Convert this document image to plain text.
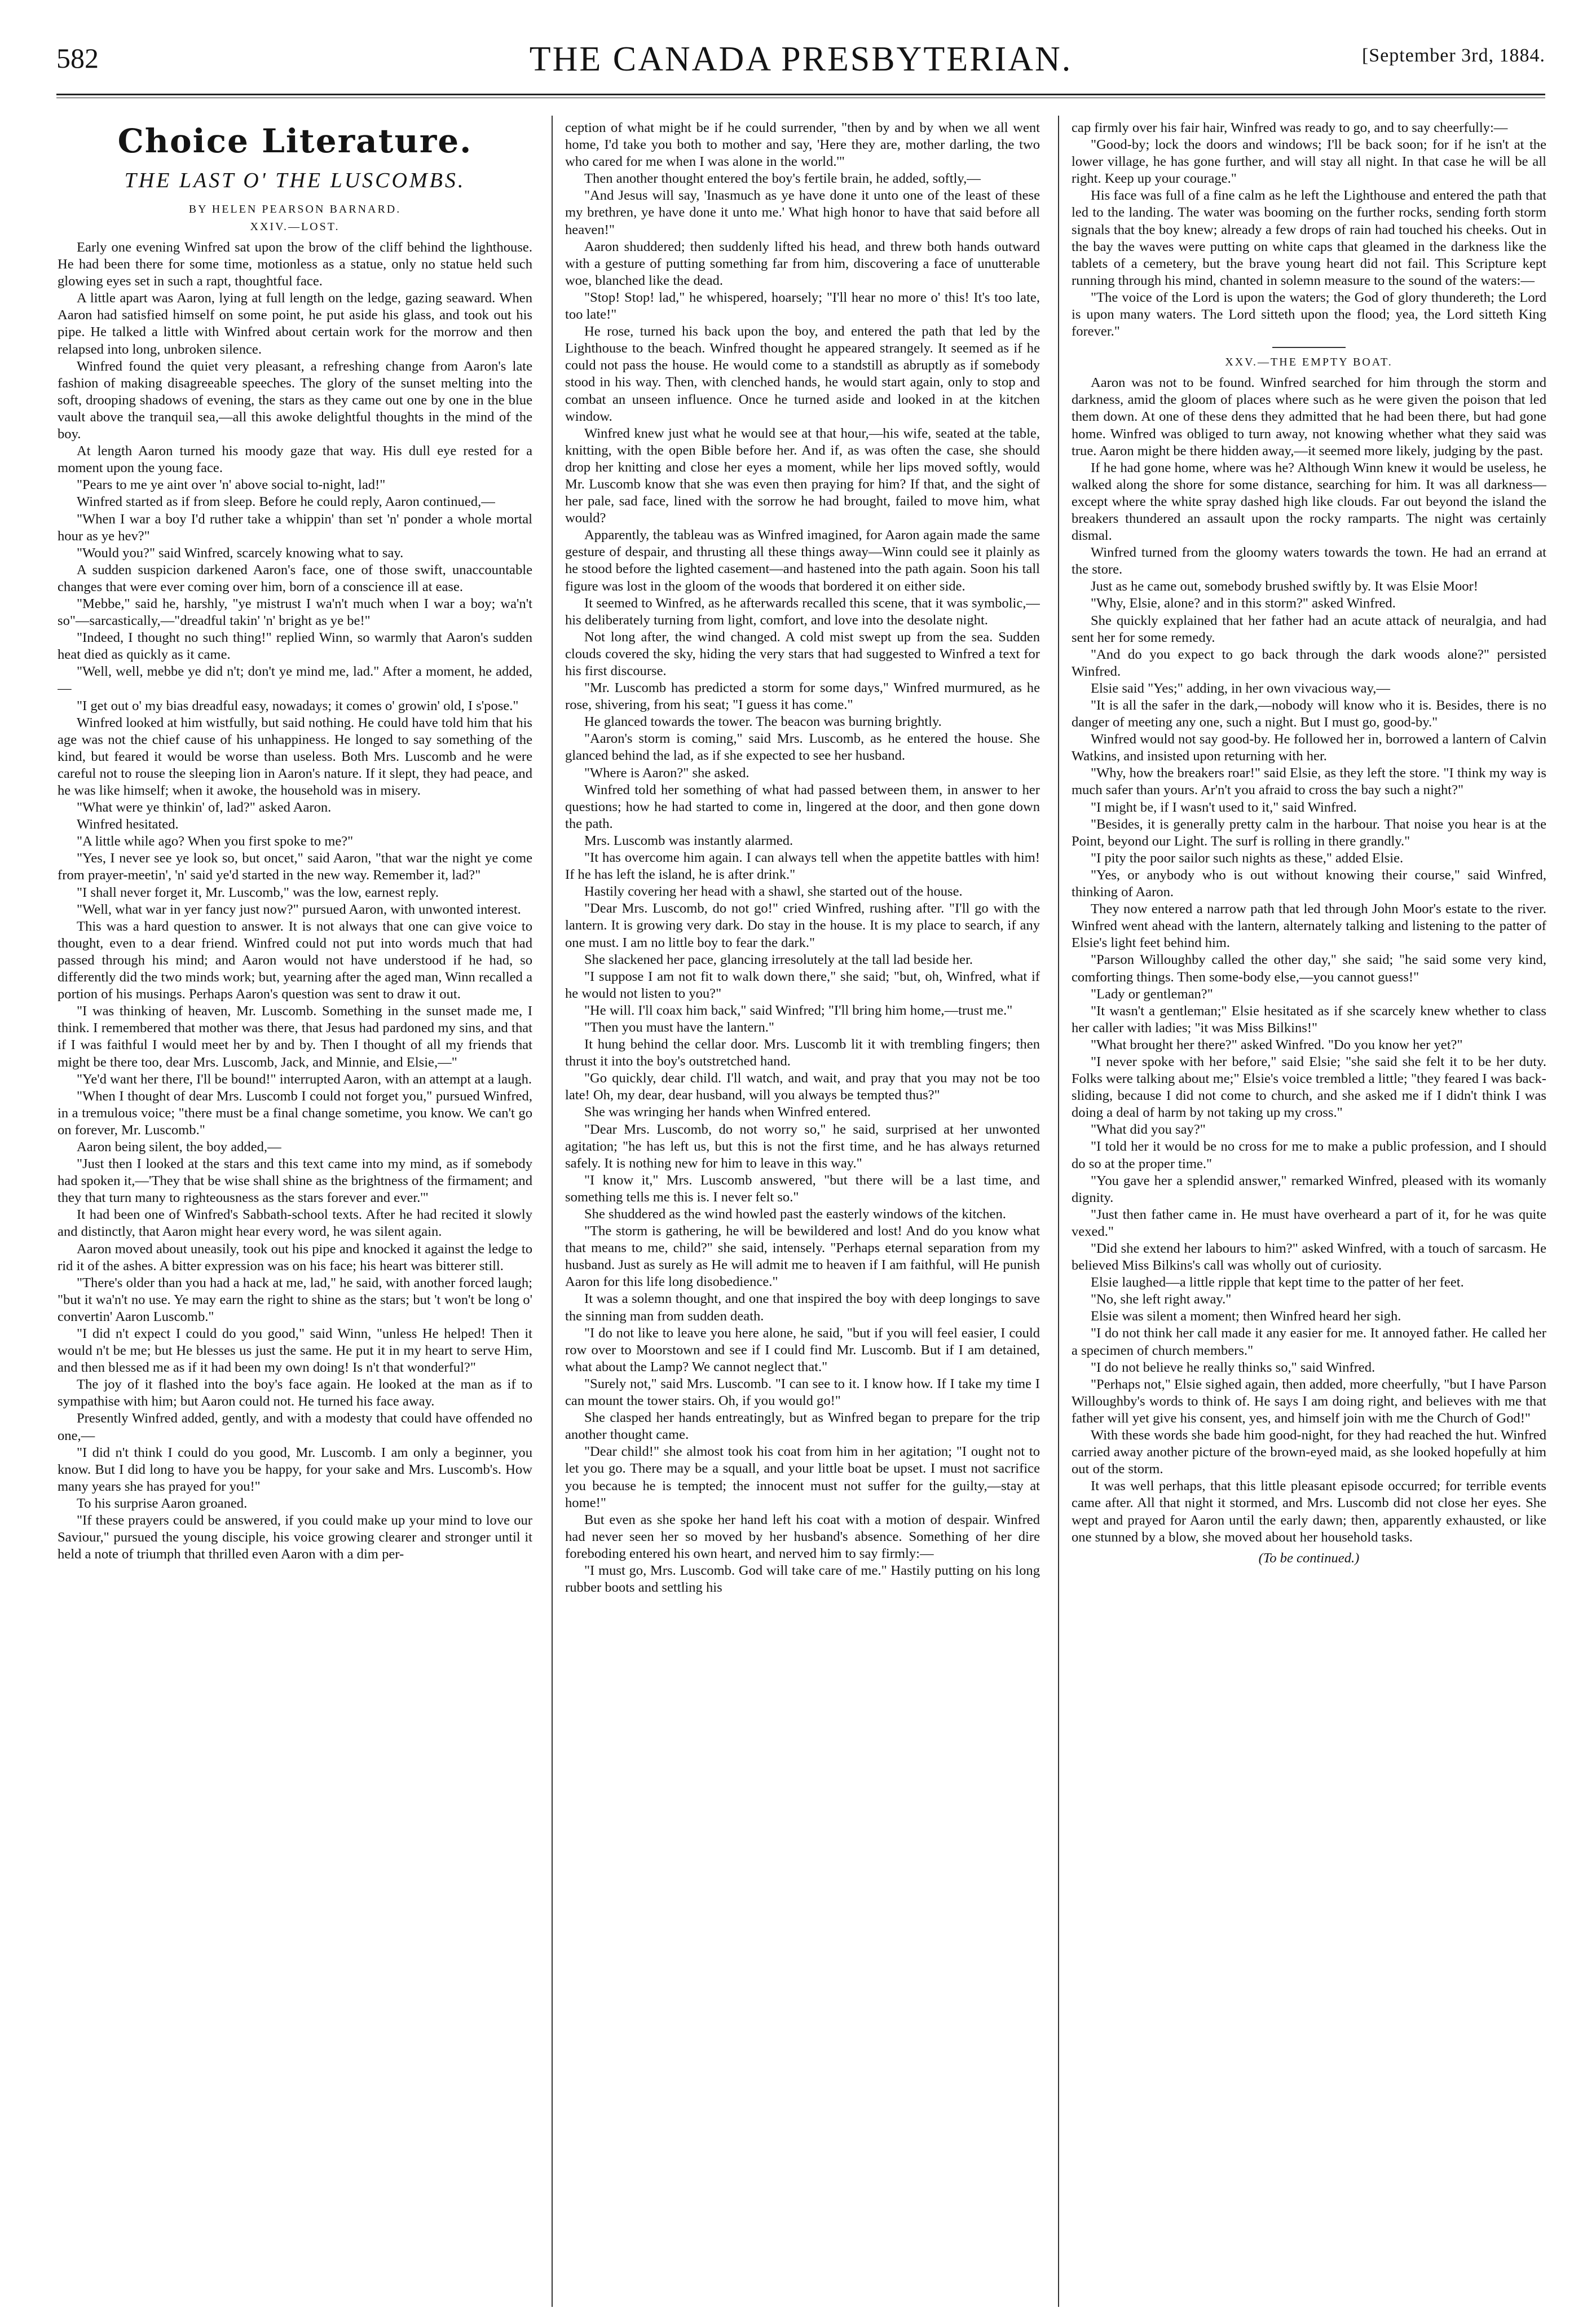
582	THE CANADA PRESBYTERIAN.	[September 3rd, 1884.
Choice Literature.
THE LAST O' THE LUSCOMBS.
BY HELEN PEARSON BARNARD.
XXIV.—LOST.

Early one evening Winfred sat upon the brow of the cliff behind the lighthouse. He had been there for some time, motionless as a statue, only no statue held such glowing eyes set in such a rapt, thoughtful face.

A little apart was Aaron, lying at full length on the ledge, gazing seaward. When Aaron had satisfied himself on some point, he put aside his glass, and took out his pipe. He talked a little with Winfred about certain work for the morrow and then relapsed into long, unbroken silence.

Winfred found the quiet very pleasant, a refreshing change from Aaron's late fashion of making disagreeable speeches. The glory of the sunset melting into the soft, drooping shadows of evening, the stars as they came out one by one in the blue vault above the tranquil sea,—all this awoke delightful thoughts in the mind of the boy.

At length Aaron turned his moody gaze that way. His dull eye rested for a moment upon the young face.

"Pears to me ye aint over 'n' above social to-night, lad!"

Winfred started as if from sleep. Before he could reply, Aaron continued,—

"When I war a boy I'd ruther take a whippin' than set 'n' ponder a whole mortal hour as ye hev?"

"Would you?" said Winfred, scarcely knowing what to say.

A sudden suspicion darkened Aaron's face, one of those swift, unaccountable changes that were ever coming over him, born of a conscience ill at ease.

"Mebbe," said he, harshly, "ye mistrust I wa'n't much when I war a boy; wa'n't so"—sarcastically,—"dreadful takin' 'n' bright as ye be!"

"Indeed, I thought no such thing!" replied Winn, so warmly that Aaron's sudden heat died as quickly as it came.

"Well, well, mebbe ye did n't; don't ye mind me, lad." After a moment, he added,—

"I get out o' my bias dreadful easy, nowadays; it comes o' growin' old, I s'pose."

Winfred looked at him wistfully, but said nothing. He could have told him that his age was not the chief cause of his unhappiness. He longed to say something of the kind, but feared it would be worse than useless. Both Mrs. Luscomb and he were careful not to rouse the sleeping lion in Aaron's nature. If it slept, they had peace, and he was like himself; when it awoke, the household was in misery.

"What were ye thinkin' of, lad?" asked Aaron.

Winfred hesitated.

"A little while ago? When you first spoke to me?"

"Yes, I never see ye look so, but oncet," said Aaron, "that war the night ye come from prayer-meetin', 'n' said ye'd started in the new way. Remember it, lad?"

"I shall never forget it, Mr. Luscomb," was the low, earnest reply.

"Well, what war in yer fancy just now?" pursued Aaron, with unwonted interest.

This was a hard question to answer. It is not always that one can give voice to thought, even to a dear friend. Winfred could not put into words much that had passed through his mind; and Aaron would not have understood if he had, so differently did the two minds work; but, yearning after the aged man, Winn recalled a portion of his musings. Perhaps Aaron's question was sent to draw it out.

"I was thinking of heaven, Mr. Luscomb. Something in the sunset made me, I think. I remembered that mother was there, that Jesus had pardoned my sins, and that if I was faithful I would meet her by and by. Then I thought of all my friends that might be there too, dear Mrs. Luscomb, Jack, and Minnie, and Elsie,—"

"Ye'd want her there, I'll be bound!" interrupted Aaron, with an attempt at a laugh.

"When I thought of dear Mrs. Luscomb I could not forget you," pursued Winfred, in a tremulous voice; "there must be a final change sometime, you know. We can't go on forever, Mr. Luscomb."

Aaron being silent, the boy added,—

"Just then I looked at the stars and this text came into my mind, as if somebody had spoken it,—'They that be wise shall shine as the brightness of the firmament; and they that turn many to righteousness as the stars forever and ever.'"

It had been one of Winfred's Sabbath-school texts. After he had recited it slowly and distinctly, that Aaron might hear every word, he was silent again.

Aaron moved about uneasily, took out his pipe and knocked it against the ledge to rid it of the ashes. A bitter expression was on his face; his heart was bitterer still.

"There's older than you had a hack at me, lad," he said, with another forced laugh; "but it wa'n't no use. Ye may earn the right to shine as the stars; but 't won't be long o' convertin' Aaron Luscomb."

"I did n't expect I could do you good," said Winn, "unless He helped! Then it would n't be me; but He blesses us just the same. He put it in my heart to serve Him, and then blessed me as if it had been my own doing! Is n't that wonderful?"

The joy of it flashed into the boy's face again. He looked at the man as if to sympathise with him; but Aaron could not. He turned his face away.

Presently Winfred added, gently, and with a modesty that could have offended no one,—

"I did n't think I could do you good, Mr. Luscomb. I am only a beginner, you know. But I did long to have you be happy, for your sake and Mrs. Luscomb's. How many years she has prayed for you!"

To his surprise Aaron groaned.

"If these prayers could be answered, if you could make up your mind to love our Saviour," pursued the young disciple, his voice growing clearer and stronger until it held a note of triumph that thrilled even Aaron with a dim per-

ception of what might be if he could surrender, "then by and by when we all went home, I'd take you both to mother and say, 'Here they are, mother darling, the two who cared for me when I was alone in the world.'"

Then another thought entered the boy's fertile brain, he added, softly,—

"And Jesus will say, 'Inasmuch as ye have done it unto one of the least of these my brethren, ye have done it unto me.' What high honor to have that said before all heaven!"

Aaron shuddered; then suddenly lifted his head, and threw both hands outward with a gesture of putting something far from him, discovering a face of unutterable woe, blanched like the dead.

"Stop! Stop! lad," he whispered, hoarsely; "I'll hear no more o' this! It's too late, too late!"

He rose, turned his back upon the boy, and entered the path that led by the Lighthouse to the beach. Winfred thought he appeared strangely. It seemed as if he could not pass the house. He would come to a standstill as abruptly as if somebody stood in his way. Then, with clenched hands, he would start again, only to stop and combat an unseen influence. Once he turned aside and looked in at the kitchen window.

Winfred knew just what he would see at that hour,—his wife, seated at the table, knitting, with the open Bible before her. And if, as was often the case, she should drop her knitting and close her eyes a moment, while her lips moved softly, would Mr. Luscomb know that she was even then praying for him? If that, and the sight of her pale, sad face, lined with the sorrow he had brought, failed to move him, what would?

Apparently, the tableau was as Winfred imagined, for Aaron again made the same gesture of despair, and thrusting all these things away—Winn could see it plainly as he stood before the lighted casement—and hastened into the path again. Soon his tall figure was lost in the gloom of the woods that bordered it on either side.

It seemed to Winfred, as he afterwards recalled this scene, that it was symbolic,—his deliberately turning from light, comfort, and love into the desolate night.

Not long after, the wind changed. A cold mist swept up from the sea. Sudden clouds covered the sky, hiding the very stars that had suggested to Winfred a text for his first discourse.

"Mr. Luscomb has predicted a storm for some days," Winfred murmured, as he rose, shivering, from his seat; "I guess it has come."

He glanced towards the tower. The beacon was burning brightly.

"Aaron's storm is coming," said Mrs. Luscomb, as he entered the house. She glanced behind the lad, as if she expected to see her husband.

"Where is Aaron?" she asked.

Winfred told her something of what had passed between them, in answer to her questions; how he had started to come in, lingered at the door, and then gone down the path.

Mrs. Luscomb was instantly alarmed.

"It has overcome him again. I can always tell when the appetite battles with him! If he has left the island, he is after drink."

Hastily covering her head with a shawl, she started out of the house.

"Dear Mrs. Luscomb, do not go!" cried Winfred, rushing after. "I'll go with the lantern. It is growing very dark. Do stay in the house. It is my place to search, if any one must. I am no little boy to fear the dark."

She slackened her pace, glancing irresolutely at the tall lad beside her.

"I suppose I am not fit to walk down there," she said; "but, oh, Winfred, what if he would not listen to you?"

"He will. I'll coax him back," said Winfred; "I'll bring him home,—trust me."

"Then you must have the lantern."

It hung behind the cellar door. Mrs. Luscomb lit it with trembling fingers; then thrust it into the boy's outstretched hand.

"Go quickly, dear child. I'll watch, and wait, and pray that you may not be too late! Oh, my dear, dear husband, will you always be tempted thus?"

She was wringing her hands when Winfred entered.

"Dear Mrs. Luscomb, do not worry so," he said, surprised at her unwonted agitation; "he has left us, but this is not the first time, and he has always returned safely. It is nothing new for him to leave in this way."

"I know it," Mrs. Luscomb answered, "but there will be a last time, and something tells me this is. I never felt so."

She shuddered as the wind howled past the easterly windows of the kitchen.

"The storm is gathering, he will be bewildered and lost! And do you know what that means to me, child?" she said, intensely. "Perhaps eternal separation from my husband. Just as surely as He will admit me to heaven if I am faithful, will He punish Aaron for this life long disobedience."

It was a solemn thought, and one that inspired the boy with deep longings to save the sinning man from sudden death.

"I do not like to leave you here alone, he said, "but if you will feel easier, I could row over to Moorstown and see if I could find Mr. Luscomb. But if I am detained, what about the Lamp? We cannot neglect that."

"Surely not," said Mrs. Luscomb. "I can see to it. I know how. If I take my time I can mount the tower stairs. Oh, if you would go!"

She clasped her hands entreatingly, but as Winfred began to prepare for the trip another thought came.

"Dear child!" she almost took his coat from him in her agitation; "I ought not to let you go. There may be a squall, and your little boat be upset. I must not sacrifice you because he is tempted; the innocent must not suffer for the guilty,—stay at home!"

But even as she spoke her hand left his coat with a motion of despair. Winfred had never seen her so moved by her husband's absence. Something of her dire foreboding entered his own heart, and nerved him to say firmly:—

"I must go, Mrs. Luscomb. God will take care of me." Hastily putting on his long rubber boots and settling his

cap firmly over his fair hair, Winfred was ready to go, and to say cheerfully:—

"Good-by; lock the doors and windows; I'll be back soon; for if he isn't at the lower village, he has gone further, and will stay all night. In that case he will be all right. Keep up your courage."

His face was full of a fine calm as he left the Lighthouse and entered the path that led to the landing. The water was booming on the further rocks, sending forth storm signals that the boy knew; already a few drops of rain had touched his cheeks. Out in the bay the waves were putting on white caps that gleamed in the darkness like the tablets of a cemetery, but the brave young heart did not fail. This Scripture kept running through his mind, chanted in solemn measure to the sound of the waters:—

"The voice of the Lord is upon the waters; the God of glory thundereth; the Lord is upon many waters. The Lord sitteth upon the flood; yea, the Lord sitteth King forever."

XXV.—THE EMPTY BOAT.

Aaron was not to be found. Winfred searched for him through the storm and darkness, amid the gloom of places where such as he were given the poison that led them down. At one of these dens they admitted that he had been there, but had gone home. Winfred was obliged to turn away, not knowing whether what they said was true. Aaron might be there hidden away,—it seemed more likely, judging by the past.

If he had gone home, where was he? Although Winn knew it would be useless, he walked along the shore for some distance, searching for him. It was all darkness—except where the white spray dashed high like clouds. Far out beyond the island the breakers thundered an assault upon the rocky ramparts. The night was certainly dismal.

Winfred turned from the gloomy waters towards the town. He had an errand at the store.

Just as he came out, somebody brushed swiftly by. It was Elsie Moor!

"Why, Elsie, alone? and in this storm?" asked Winfred.

She quickly explained that her father had an acute attack of neuralgia, and had sent her for some remedy.

"And do you expect to go back through the dark woods alone?" persisted Winfred.

Elsie said "Yes;" adding, in her own vivacious way,—

"It is all the safer in the dark,—nobody will know who it is. Besides, there is no danger of meeting any one, such a night. But I must go, good-by."

Winfred would not say good-by. He followed her in, borrowed a lantern of Calvin Watkins, and insisted upon returning with her.

"Why, how the breakers roar!" said Elsie, as they left the store. "I think my way is much safer than yours. Ar'n't you afraid to cross the bay such a night?"

"I might be, if I wasn't used to it," said Winfred.

"Besides, it is generally pretty calm in the harbour. That noise you hear is at the Point, beyond our Light. The surf is rolling in there grandly."

"I pity the poor sailor such nights as these," added Elsie.

"Yes, or anybody who is out without knowing their course," said Winfred, thinking of Aaron.

They now entered a narrow path that led through John Moor's estate to the river. Winfred went ahead with the lantern, alternately talking and listening to the patter of Elsie's light feet behind him.

"Parson Willoughby called the other day," she said; "he said some very kind, comforting things. Then some-body else,—you cannot guess!"

"Lady or gentleman?"

"It wasn't a gentleman;" Elsie hesitated as if she scarcely knew whether to class her caller with ladies; "it was Miss Bilkins!"

"What brought her there?" asked Winfred. "Do you know her yet?"

"I never spoke with her before," said Elsie; "she said she felt it to be her duty. Folks were talking about me;" Elsie's voice trembled a little; "they feared I was back-sliding, because I did not come to church, and she asked me if I didn't think I was doing a deal of harm by not taking up my cross."

"What did you say?"

"I told her it would be no cross for me to make a public profession, and I should do so at the proper time."

"You gave her a splendid answer," remarked Winfred, pleased with its womanly dignity.

"Just then father came in. He must have overheard a part of it, for he was quite vexed."

"Did she extend her labours to him?" asked Winfred, with a touch of sarcasm. He believed Miss Bilkins's call was wholly out of curiosity.

Elsie laughed—a little ripple that kept time to the patter of her feet.

"No, she left right away."

Elsie was silent a moment; then Winfred heard her sigh.

"I do not think her call made it any easier for me. It annoyed father. He called her a specimen of church members."

"I do not believe he really thinks so," said Winfred.

"Perhaps not," Elsie sighed again, then added, more cheerfully, "but I have Parson Willoughby's words to think of. He says I am doing right, and believes with me that father will yet give his consent, yes, and himself join with me the Church of God!"

With these words she bade him good-night, for they had reached the hut. Winfred carried away another picture of the brown-eyed maid, as she looked hopefully at him out of the storm.

It was well perhaps, that this little pleasant episode occurred; for terrible events came after. All that night it stormed, and Mrs. Luscomb did not close her eyes. She wept and prayed for Aaron until the early dawn; then, apparently exhausted, or like one stunned by a blow, she moved about her household tasks.

(To be continued.)
